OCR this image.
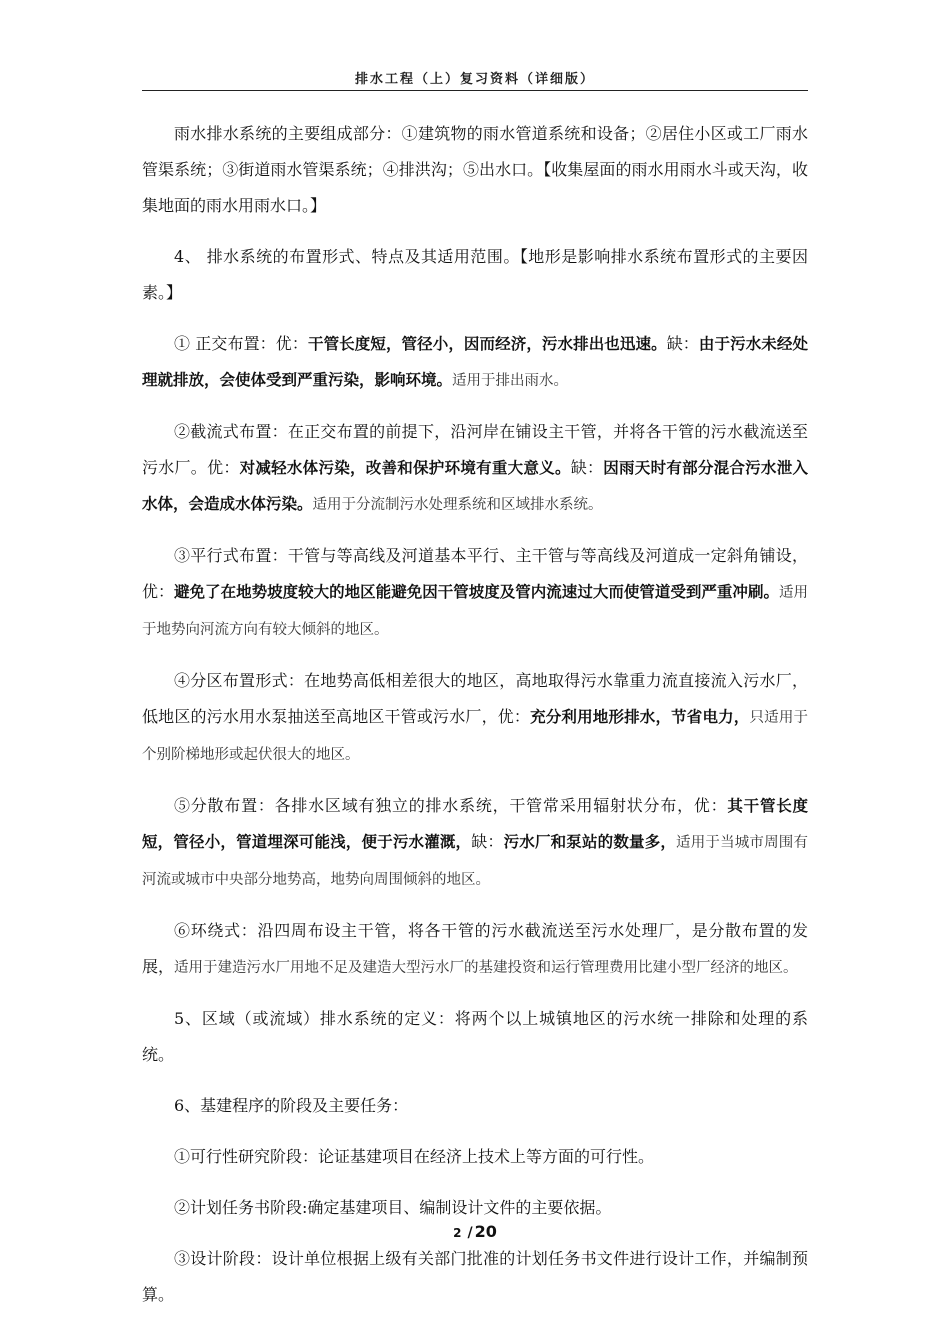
排水工程（上）复习资料（详细版）

雨水排水系统的主要组成部分：①建筑物的雨水管道系统和设备；②居住小区或工厂雨水管渠系统；③街道雨水管渠系统；④排洪沟；⑤出水口。【收集屋面的雨水用雨水斗或天沟，收集地面的雨水用雨水口。】

4、 排水系统的布置形式、特点及其适用范围。【地形是影响排水系统布置形式的主要因素。】

① 正交布置：优：干管长度短，管径小，因而经济，污水排出也迅速。缺：由于污水未经处理就排放，会使体受到严重污染，影响环境。适用于排出雨水。

②截流式布置：在正交布置的前提下，沿河岸在铺设主干管，并将各干管的污水截流送至污水厂。优：对减轻水体污染，改善和保护环境有重大意义。缺：因雨天时有部分混合污水泄入水体，会造成水体污染。适用于分流制污水处理系统和区域排水系统。

③平行式布置：干管与等高线及河道基本平行、主干管与等高线及河道成一定斜角铺设，优：避免了在地势坡度较大的地区能避免因干管坡度及管内流速过大而使管道受到严重冲刷。适用于地势向河流方向有较大倾斜的地区。

④分区布置形式：在地势高低相差很大的地区，高地取得污水靠重力流直接流入污水厂，低地区的污水用水泵抽送至高地区干管或污水厂，优：充分利用地形排水，节省电力，只适用于个别阶梯地形或起伏很大的地区。

⑤分散布置：各排水区域有独立的排水系统，干管常采用辐射状分布，优：其干管长度短，管径小，管道埋深可能浅，便于污水灌溉，缺：污水厂和泵站的数量多，适用于当城市周围有河流或城市中央部分地势高，地势向周围倾斜的地区。

⑥环绕式：沿四周布设主干管，将各干管的污水截流送至污水处理厂，是分散布置的发展，适用于建造污水厂用地不足及建造大型污水厂的基建投资和运行管理费用比建小型厂经济的地区。

5、区域（或流域）排水系统的定义：将两个以上城镇地区的污水统一排除和处理的系统。

6、基建程序的阶段及主要任务：

①可行性研究阶段：论证基建项目在经济上技术上等方面的可行性。

②计划任务书阶段:确定基建项目、编制设计文件的主要依据。

③设计阶段：设计单位根据上级有关部门批准的计划任务书文件进行设计工作，并编制预算。

2 / 20
